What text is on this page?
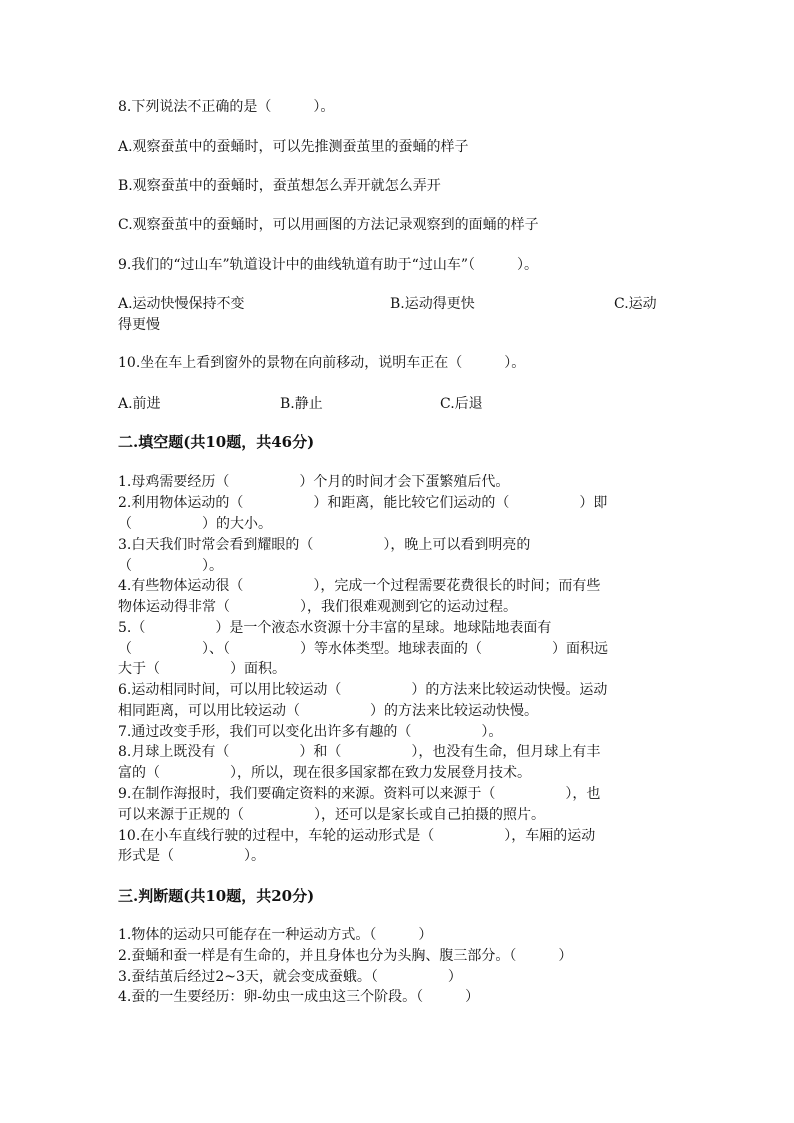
8.下列说法不正确的是（　　　）。
A.观察蚕茧中的蚕蛹时，可以先推测蚕茧里的蚕蛹的样子
B.观察蚕茧中的蚕蛹时，蚕茧想怎么弄开就怎么弄开
C.观察蚕茧中的蚕蛹时，可以用画图的方法记录观察到的面蛹的样子
9.我们的“过山车”轨道设计中的曲线轨道有助于“过山车”（　　　）。
A.运动快慢保持不变	B.运动得更快	C.运动
得更慢
10.坐在车上看到窗外的景物在向前移动，说明车正在（　　　）。
A.前进	B.静止	C.后退
二.填空题(共10题，共46分)
1.母鸡需要经历（　　　　　）个月的时间才会下蛋繁殖后代。
2.利用物体运动的（　　　　　）和距离，能比较它们运动的（　　　　　）即
（　　　　　）的大小。
3.白天我们时常会看到耀眼的（　　　　　），晚上可以看到明亮的
（　　　　　）。
4.有些物体运动很（　　　　　），完成一个过程需要花费很长的时间；而有些
物体运动得非常（　　　　　），我们很难观测到它的运动过程。
5.（　　　　　）是一个液态水资源十分丰富的星球。地球陆地表面有
（　　　　　）、（　　　　　）等水体类型。地球表面的（　　　　　）面积远
大于（　　　　　）面积。
6.运动相同时间，可以用比较运动（　　　　　）的方法来比较运动快慢。运动
相同距离，可以用比较运动（　　　　　）的方法来比较运动快慢。
7.通过改变手形，我们可以变化出许多有趣的（　　　　　）。
8.月球上既没有（　　　　　）和（　　　　　），也没有生命，但月球上有丰
富的（　　　　　），所以，现在很多国家都在致力发展登月技术。
9.在制作海报时，我们要确定资料的来源。资料可以来源于（　　　　　），也
可以来源于正规的（　　　　　），还可以是家长或自己拍摄的照片。
10.在小车直线行驶的过程中，车轮的运动形式是（　　　　　），车厢的运动
形式是（　　　　　）。
三.判断题(共10题，共20分)
1.物体的运动只可能存在一种运动方式。（　　　）
2.蚕蛹和蚕一样是有生命的，并且身体也分为头胸、腹三部分。（　　　）
3.蚕结茧后经过2~3天，就会变成蚕蛾。（　　　　　）
4.蚕的一生要经历：卵-幼虫一成虫这三个阶段。（　　　）
